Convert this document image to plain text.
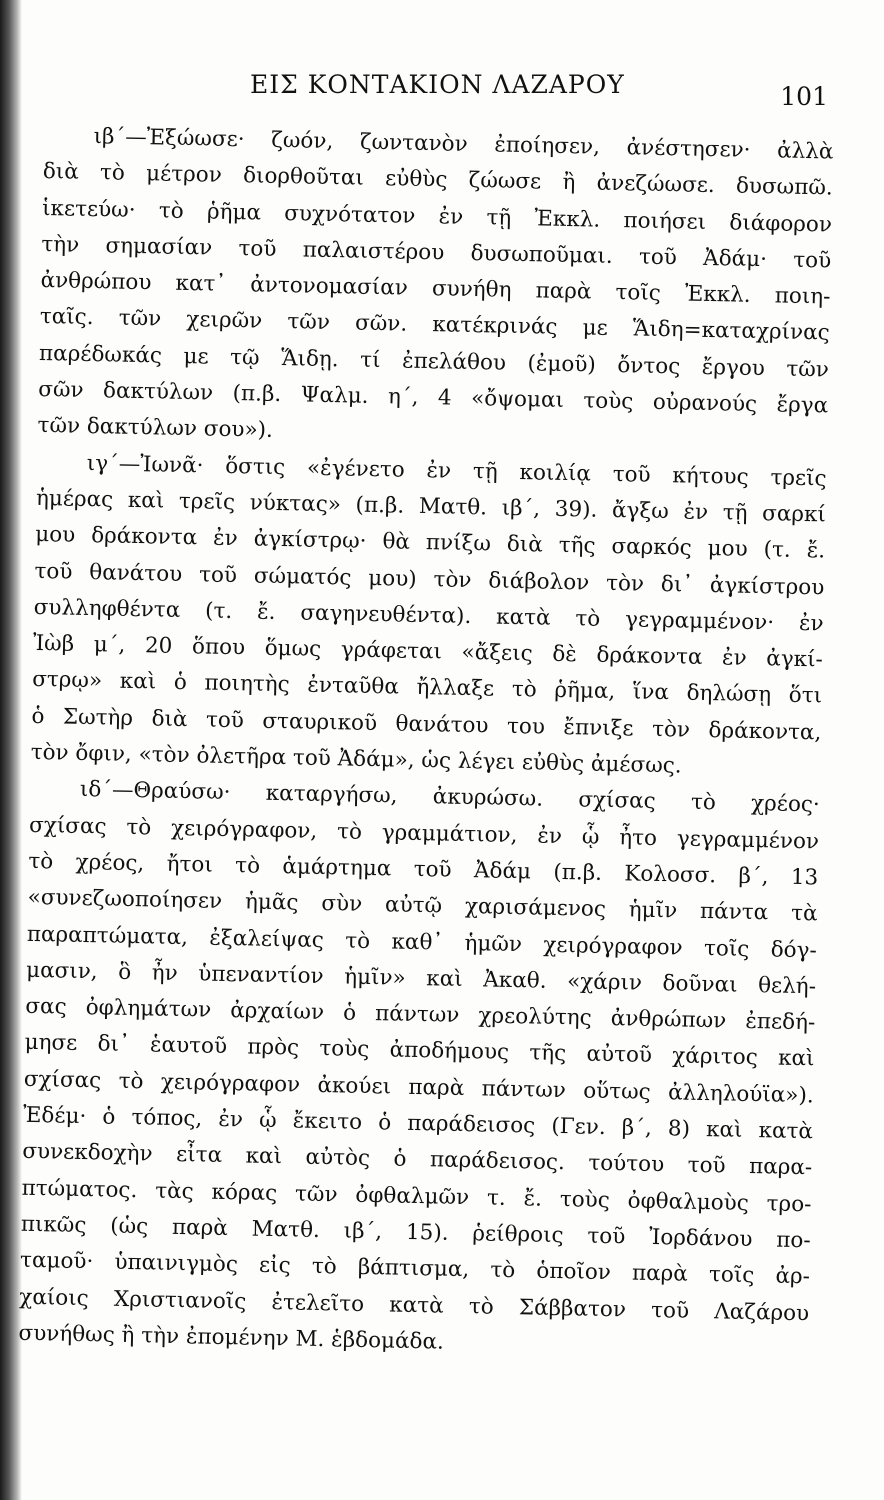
ΕΙΣ ΚΟΝΤΑΚΙΟΝ ΛΑΖΑΡΟΥ	101
ιβ΄—Ἐξώωσε· ζωόν, ζωντανὸν ἐποίησεν, ἀνέστησεν· ἀλλὰ
διὰ τὸ μέτρον διορθοῦται εὐθὺς ζώωσε ἢ ἀνεζώωσε. δυσωπῶ.
ἱκετεύω· τὸ ῥῆμα συχνότατον ἐν τῇ Ἐκκλ. ποιήσει διάφορον
τὴν σημασίαν τοῦ παλαιστέρου δυσωποῦμαι. τοῦ Ἀδάμ· τοῦ
ἀνθρώπου κατ᾽ ἀντονομασίαν συνήθη παρὰ τοῖς Ἐκκλ. ποιη-
ταῖς. τῶν χειρῶν τῶν σῶν. κατέκρινάς με Ἅιδη=καταχρίνας
παρέδωκάς με τῷ Ἅιδῃ. τί ἐπελάθου (ἐμοῦ) ὄντος ἔργου τῶν
σῶν δακτύλων (π.β. Ψαλμ. η΄, 4 «ὄψομαι τοὺς οὐρανούς ἔργα
τῶν δακτύλων σου»).
ιγ΄—Ἰωνᾶ· ὅστις «ἐγένετο ἐν τῇ κοιλίᾳ τοῦ κήτους τρεῖς
ἡμέρας καὶ τρεῖς νύκτας» (π.β. Ματθ. ιβ΄, 39). ἄγξω ἐν τῇ σαρκί
μου δράκοντα ἐν ἀγκίστρῳ· θὰ πνίξω διὰ τῆς σαρκός μου (τ. ἔ.
τοῦ θανάτου τοῦ σώματός μου) τὸν διάβολον τὸν δι᾽ ἀγκίστρου
συλληφθέντα (τ. ἔ. σαγηνευθέντα). κατὰ τὸ γεγραμμένον· ἐν
Ἰὼβ μ΄, 20 ὅπου ὅμως γράφεται «ἄξεις δὲ δράκοντα ἐν ἀγκί-
στρῳ» καὶ ὁ ποιητὴς ἐνταῦθα ἤλλαξε τὸ ῥῆμα, ἵνα δηλώσῃ ὅτι
ὁ Σωτὴρ διὰ τοῦ σταυρικοῦ θανάτου του ἔπνιξε τὸν δράκοντα,
τὸν ὄφιν, «τὸν ὀλετῆρα τοῦ Ἀδάμ», ὡς λέγει εὐθὺς ἀμέσως.
ιδ΄—Θραύσω· καταργήσω, ἀκυρώσω. σχίσας τὸ χρέος·
σχίσας τὸ χειρόγραφον, τὸ γραμμάτιον, ἐν ᾧ ἦτο γεγραμμένον
τὸ χρέος, ἤτοι τὸ ἁμάρτημα τοῦ Ἀδάμ (π.β. Κολοσσ. β΄, 13
«συνεζωοποίησεν ἡμᾶς σὺν αὐτῷ χαρισάμενος ἡμῖν πάντα τὰ
παραπτώματα, ἐξαλείψας τὸ καθ᾽ ἡμῶν χειρόγραφον τοῖς δόγ-
μασιν, ὃ ἦν ὑπεναντίον ἡμῖν» καὶ Ἀκαθ. «χάριν δοῦναι θελή-
σας ὀφλημάτων ἀρχαίων ὁ πάντων χρεολύτης ἀνθρώπων ἐπεδή-
μησε δι᾽ ἑαυτοῦ πρὸς τοὺς ἀποδήμους τῆς αὐτοῦ χάριτος καὶ
σχίσας τὸ χειρόγραφον ἀκούει παρὰ πάντων οὕτως ἀλληλούϊα»).
Ἐδέμ· ὁ τόπος, ἐν ᾧ ἔκειτο ὁ παράδεισος (Γεν. β΄, 8) καὶ κατὰ
συνεκδοχὴν εἶτα καὶ αὐτὸς ὁ παράδεισος. τούτου τοῦ παρα-
πτώματος. τὰς κόρας τῶν ὀφθαλμῶν τ. ἔ. τοὺς ὀφθαλμοὺς τρο-
πικῶς (ὡς παρὰ Ματθ. ιβ΄, 15). ῥείθροις τοῦ Ἰορδάνου πο-
ταμοῦ· ὑπαινιγμὸς εἰς τὸ βάπτισμα, τὸ ὁποῖον παρὰ τοῖς ἀρ-
χαίοις Χριστιανοῖς ἐτελεῖτο κατὰ τὸ Σάββατον τοῦ Λαζάρου
συνήθως ἢ τὴν ἐπομένην Μ. ἑβδομάδα.
